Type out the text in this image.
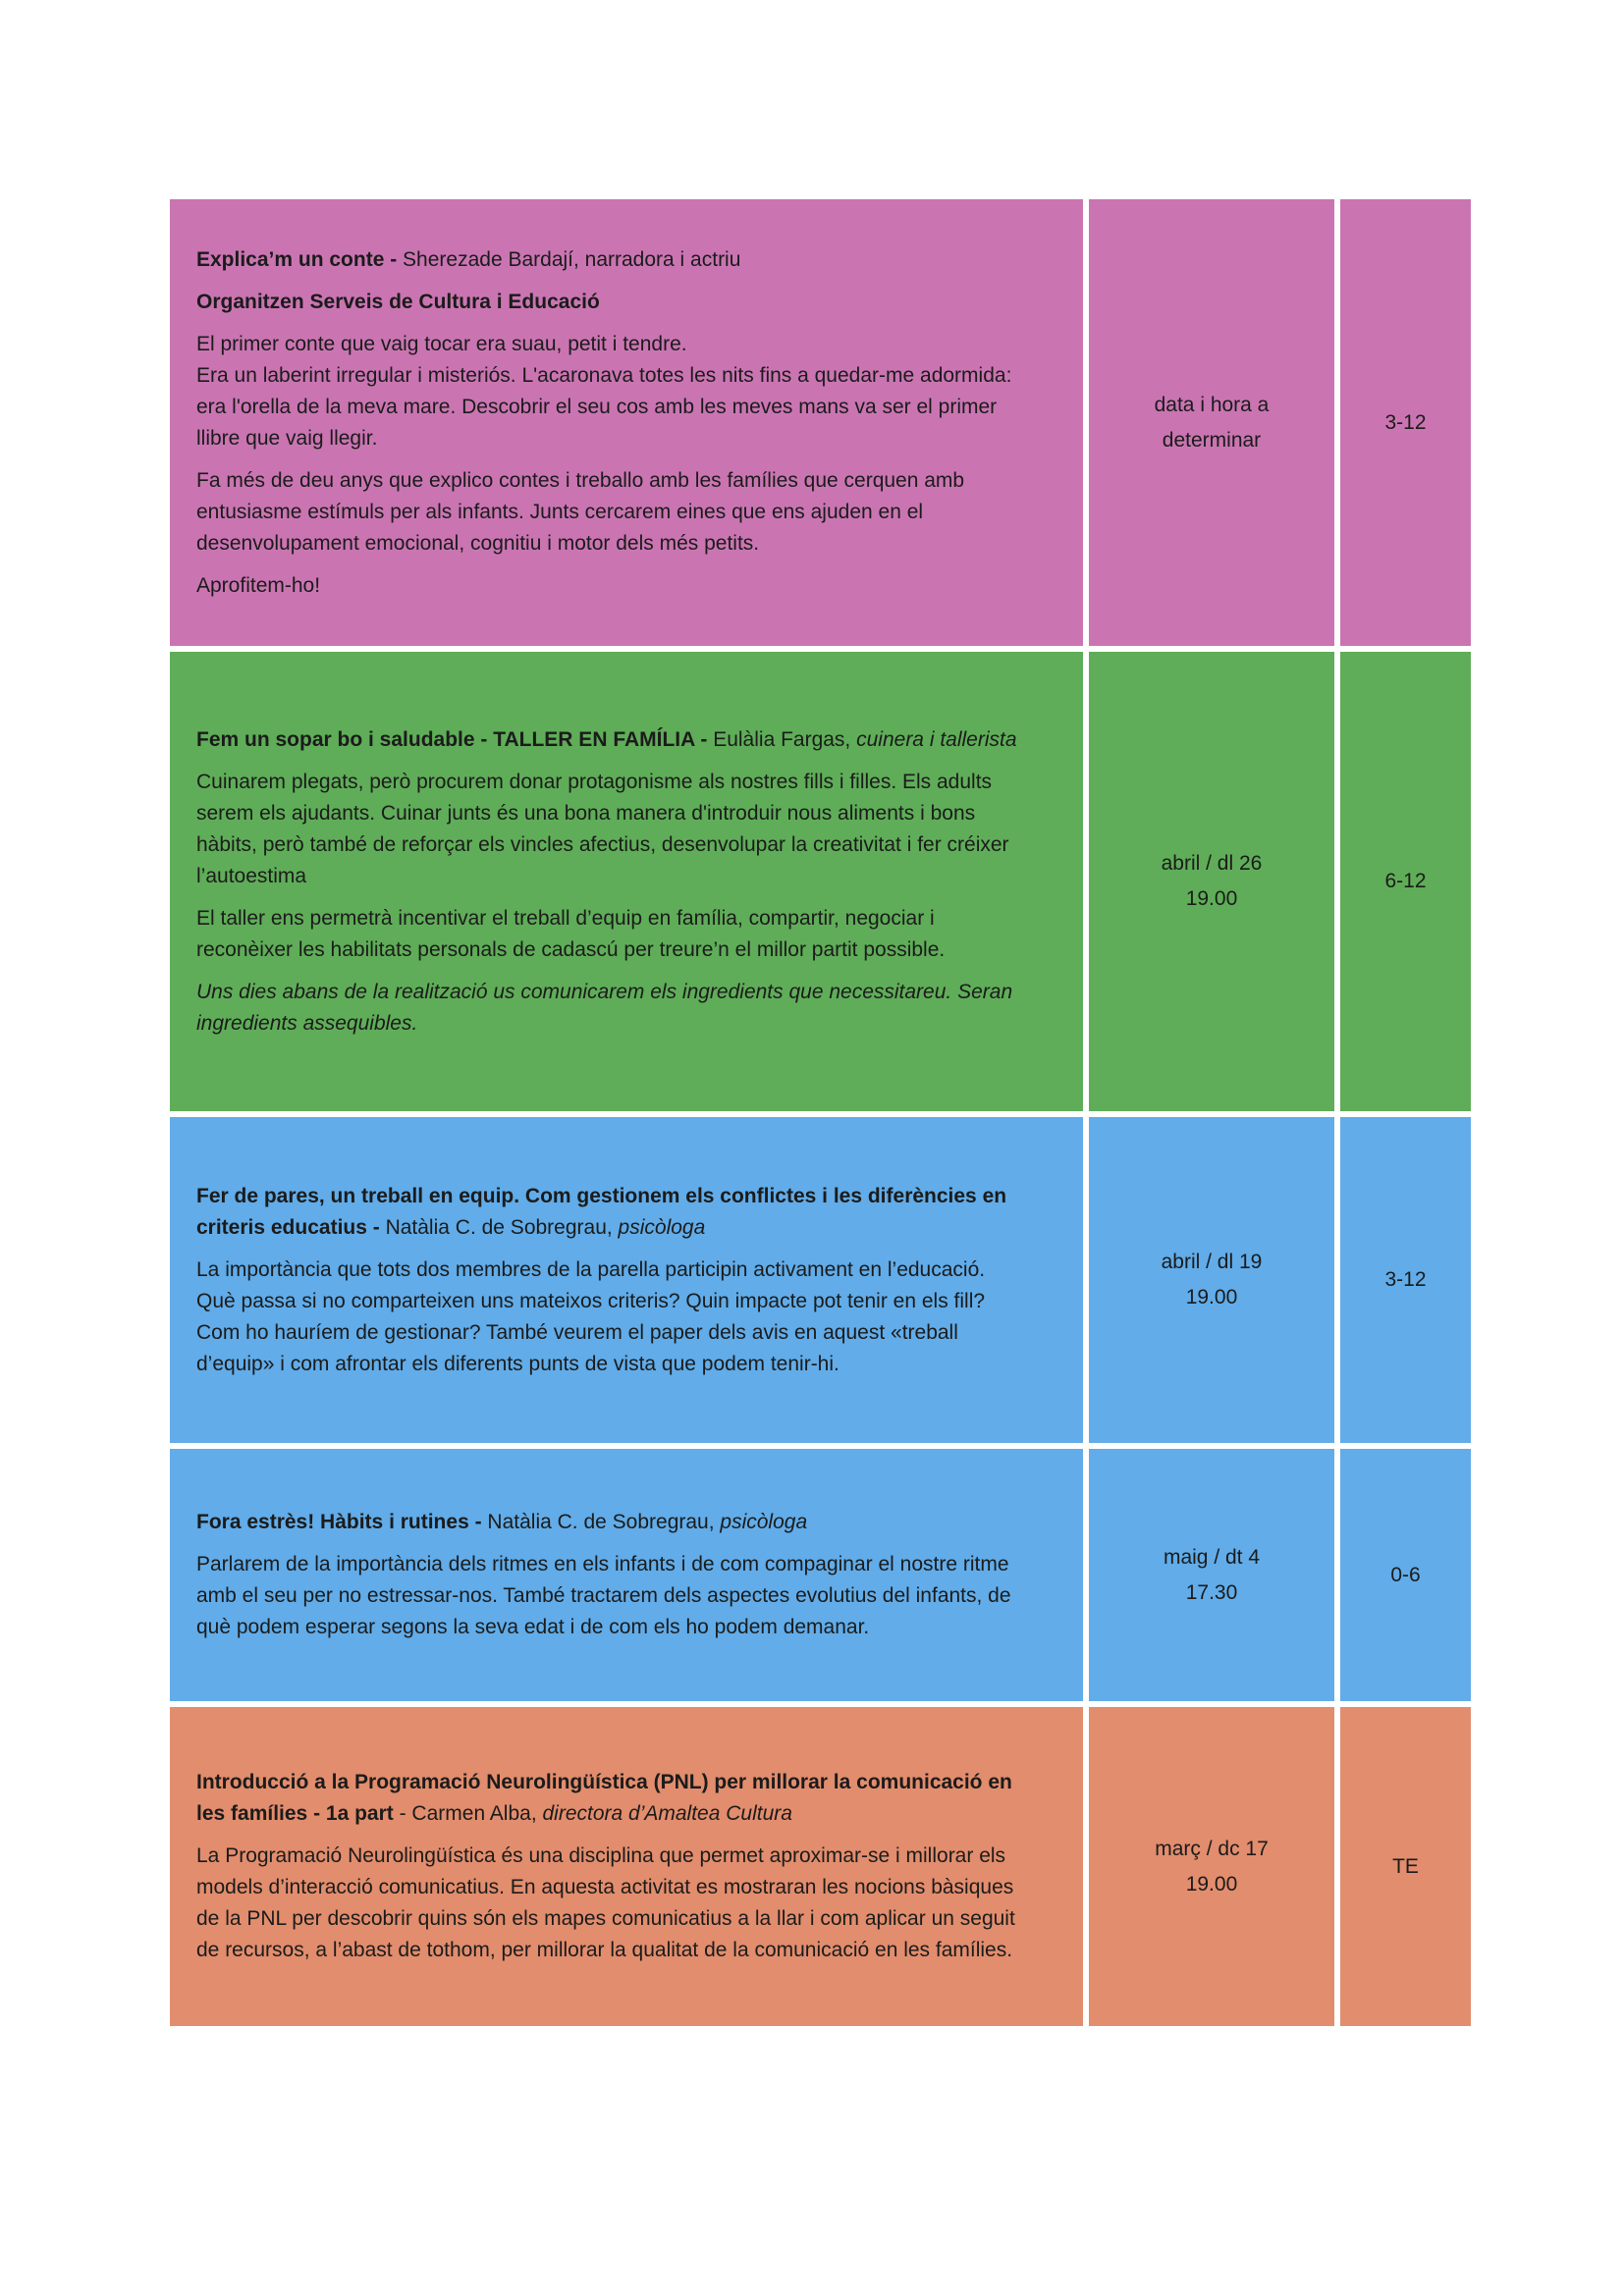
Explica’m un conte - Sherezade Bardají, narradora i actriu

Organitzen Serveis de Cultura i Educació

El primer conte que vaig tocar era suau, petit i tendre.
Era un laberint irregular i misteriós. L'acaronava totes les nits fins a quedar-me adormida: era l'orella de la meva mare. Descobrir el seu cos amb les meves mans va ser el primer llibre que vaig llegir.

Fa més de deu anys que explico contes i treballo amb les famílies que cerquen amb entusiasme estímuls per als infants. Junts cercarem eines que ens ajuden en el desenvolupament emocional, cognitiu i motor dels més petits.

Aprofitem-ho!

data i hora a
determinar
3-12

Fem un sopar bo i saludable - TALLER EN FAMÍLIA - Eulàlia Fargas, cuinera i tallerista

Cuinarem plegats, però procurem donar protagonisme als nostres fills i filles. Els adults serem els ajudants. Cuinar junts és una bona manera d'introduir nous aliments i bons hàbits, però també de reforçar els vincles afectius, desenvolupar la creativitat i fer créixer l’autoestima

El taller ens permetrà incentivar el treball d’equip en família, compartir, negociar i reconèixer les habilitats personals de cadascú per treure’n el millor partit possible.

Uns dies abans de la realització us comunicarem els ingredients que necessitareu. Seran ingredients assequibles.

abril / dl 26
19.00
6-12

Fer de pares, un treball en equip. Com gestionem els conflictes i les diferències en criteris educatius - Natàlia C. de Sobregrau, psicòloga

La importància que tots dos membres de la parella participin activament en l’educació. Què passa si no comparteixen uns mateixos criteris? Quin impacte pot tenir en els fill? Com ho hauríem de gestionar? També veurem el paper dels avis en aquest «treball d’equip» i com afrontar els diferents punts de vista que podem tenir-hi.

abril / dl 19
19.00
3-12

Fora estrès! Hàbits i rutines - Natàlia C. de Sobregrau, psicòloga

Parlarem de la importància dels ritmes en els infants i de com compaginar el nostre ritme amb el seu per no estressar-nos. També tractarem dels aspectes evolutius del infants, de què podem esperar segons la seva edat i de com els ho podem demanar.

maig / dt 4
17.30
0-6

Introducció a la Programació Neurolingüística (PNL) per millorar la comunicació en les famílies - 1a part - Carmen Alba, directora d’Amaltea Cultura

La Programació Neurolingüística és una disciplina que permet aproximar-se i millorar els models d’interacció comunicatius. En aquesta activitat es mostraran les nocions bàsiques de la PNL per descobrir quins són els mapes comunicatius a la llar i com aplicar un seguit de recursos, a l’abast de tothom, per millorar la qualitat de la comunicació en les famílies.

març / dc 17
19.00
TE
